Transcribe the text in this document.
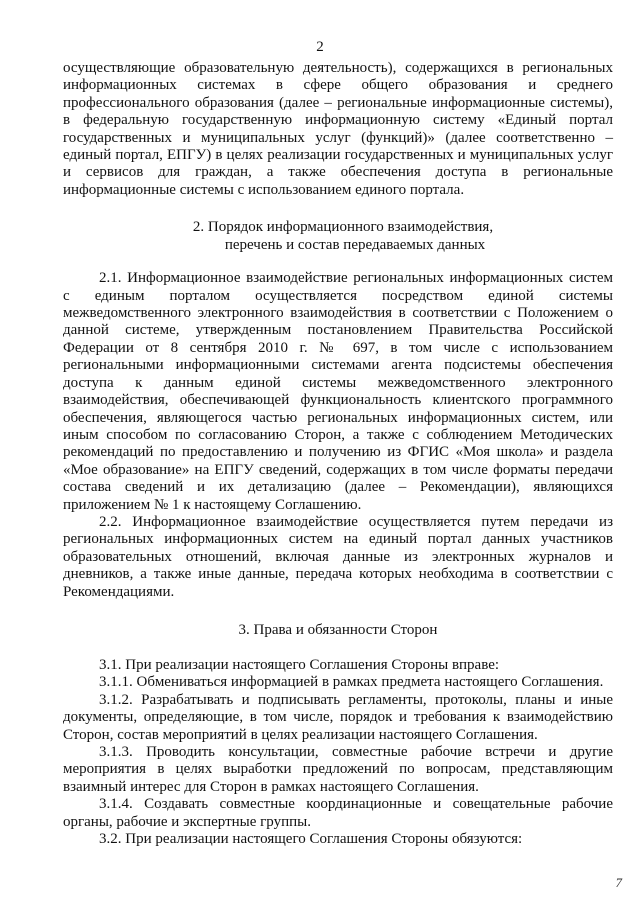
2

осуществляющие образовательную деятельность), содержащихся в региональных информационных системах в сфере общего образования и среднего профессионального образования (далее – региональные информационные системы), в федеральную государственную информационную систему «Единый портал государственных и муниципальных услуг (функций)» (далее соответственно – единый портал, ЕПГУ) в целях реализации государственных и муниципальных услуг и сервисов для граждан, а также обеспечения доступа в региональные информационные системы с использованием единого портала.

2. Порядок информационного взаимодействия,
перечень и состав передаваемых данных

2.1. Информационное взаимодействие региональных информационных систем с единым порталом осуществляется посредством единой системы межведомственного электронного взаимодействия в соответствии с Положением о данной системе, утвержденным постановлением Правительства Российской Федерации от 8 сентября 2010 г. № 697, в том числе с использованием региональными информационными системами агента подсистемы обеспечения доступа к данным единой системы межведомственного электронного взаимодействия, обеспечивающей функциональность клиентского программного обеспечения, являющегося частью региональных информационных систем, или иным способом по согласованию Сторон, а также с соблюдением Методических рекомендаций по предоставлению и получению из ФГИС «Моя школа» и раздела «Мое образование» на ЕПГУ сведений, содержащих в том числе форматы передачи состава сведений и их детализацию (далее – Рекомендации), являющихся приложением № 1 к настоящему Соглашению.

2.2. Информационное взаимодействие осуществляется путем передачи из региональных информационных систем на единый портал данных участников образовательных отношений, включая данные из электронных журналов и дневников, а также иные данные, передача которых необходима в соответствии с Рекомендациями.

3. Права и обязанности Сторон

3.1. При реализации настоящего Соглашения Стороны вправе:

3.1.1. Обмениваться информацией в рамках предмета настоящего Соглашения.

3.1.2. Разрабатывать и подписывать регламенты, протоколы, планы и иные документы, определяющие, в том числе, порядок и требования к взаимодействию Сторон, состав мероприятий в целях реализации настоящего Соглашения.

3.1.3. Проводить консультации, совместные рабочие встречи и другие мероприятия в целях выработки предложений по вопросам, представляющим взаимный интерес для Сторон в рамках настоящего Соглашения.

3.1.4. Создавать совместные координационные и совещательные рабочие органы, рабочие и экспертные группы.

3.2. При реализации настоящего Соглашения Стороны обязуются:

7
